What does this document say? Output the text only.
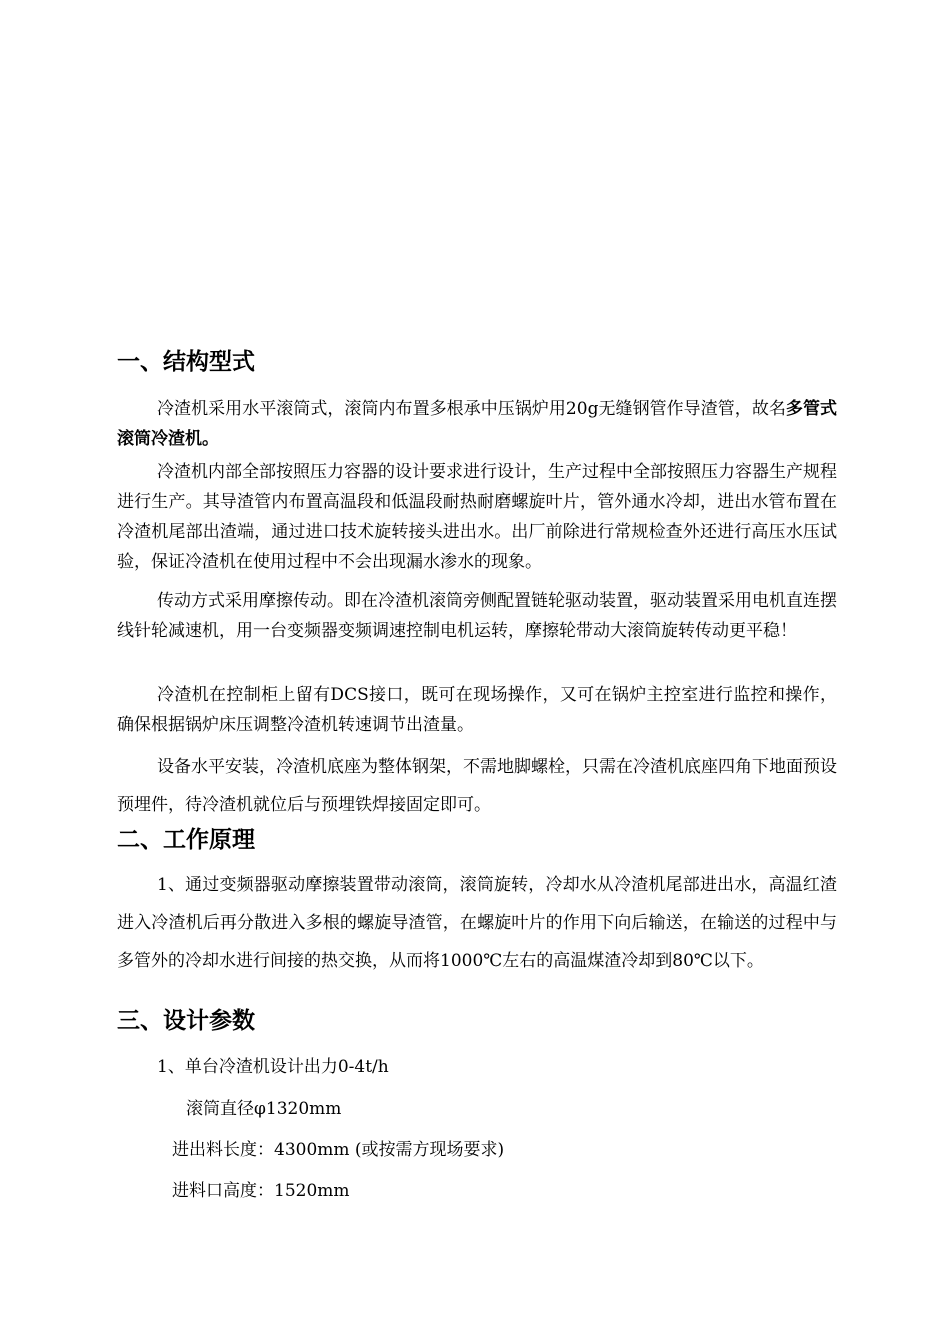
一、结构型式

冷渣机采用水平滚筒式，滚筒内布置多根承中压锅炉用20g无缝钢管作导渣管，故名多管式滚筒冷渣机。

冷渣机内部全部按照压力容器的设计要求进行设计，生产过程中全部按照压力容器生产规程进行生产。其导渣管内布置高温段和低温段耐热耐磨螺旋叶片，管外通水冷却，进出水管布置在冷渣机尾部出渣端，通过进口技术旋转接头进出水。出厂前除进行常规检查外还进行高压水压试验，保证冷渣机在使用过程中不会出现漏水渗水的现象。

传动方式采用摩擦传动。即在冷渣机滚筒旁侧配置链轮驱动装置，驱动装置采用电机直连摆线针轮减速机，用一台变频器变频调速控制电机运转，摩擦轮带动大滚筒旋转传动更平稳！

冷渣机在控制柜上留有DCS接口，既可在现场操作，又可在锅炉主控室进行监控和操作，确保根据锅炉床压调整冷渣机转速调节出渣量。

设备水平安装，冷渣机底座为整体钢架，不需地脚螺栓，只需在冷渣机底座四角下地面预设预埋件，待冷渣机就位后与预埋铁焊接固定即可。

二、工作原理

1、通过变频器驱动摩擦装置带动滚筒，滚筒旋转，冷却水从冷渣机尾部进出水，高温红渣进入冷渣机后再分散进入多根的螺旋导渣管，在螺旋叶片的作用下向后输送，在输送的过程中与多管外的冷却水进行间接的热交换，从而将1000℃左右的高温煤渣冷却到80℃以下。

三、设计参数

1、单台冷渣机设计出力0-4t/h

滚筒直径φ1320mm

进出料长度：4300mm (或按需方现场要求)

进料口高度：1520mm
